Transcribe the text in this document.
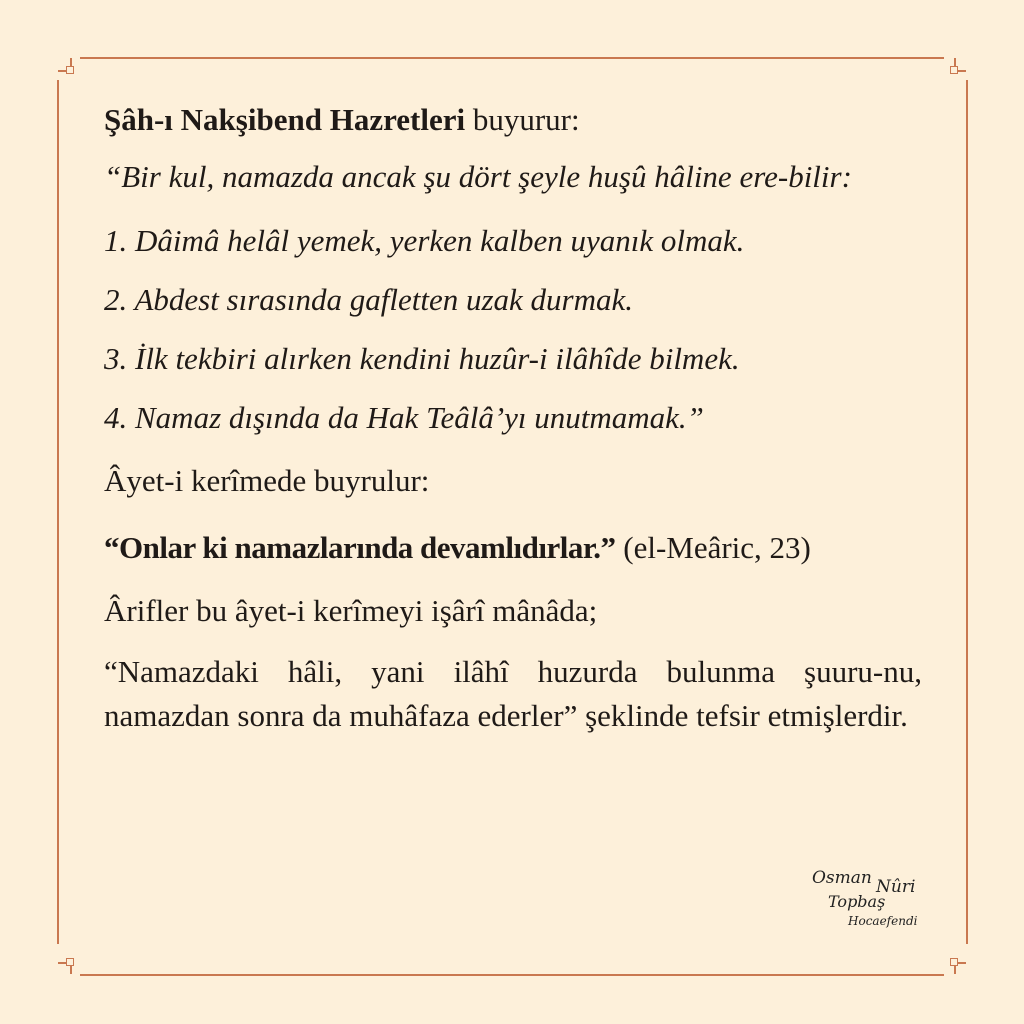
Şâh-ı Nakşibend Hazretleri buyurur:

“Bir kul, namazda ancak şu dört şeyle huşû hâline ere-bilir:

1. Dâimâ helâl yemek, yerken kalben uyanık olmak.

2. Abdest sırasında gafletten uzak durmak.

3. İlk tekbiri alırken kendini huzûr-i ilâhîde bilmek.

4. Namaz dışında da Hak Teâlâ’yı unutmamak.”

Âyet-i kerîmede buyrulur:

“Onlar ki namazlarında devamlıdırlar.” (el-Meâric, 23)

Ârifler bu âyet-i kerîmeyi işârî mânâda;

“Namazdaki hâli, yani ilâhî huzurda bulunma şuuru-nu, namazdan sonra da muhâfaza ederler” şeklinde tefsir etmişlerdir.

Osman Nûri
Topbaş
Hocaefendi
